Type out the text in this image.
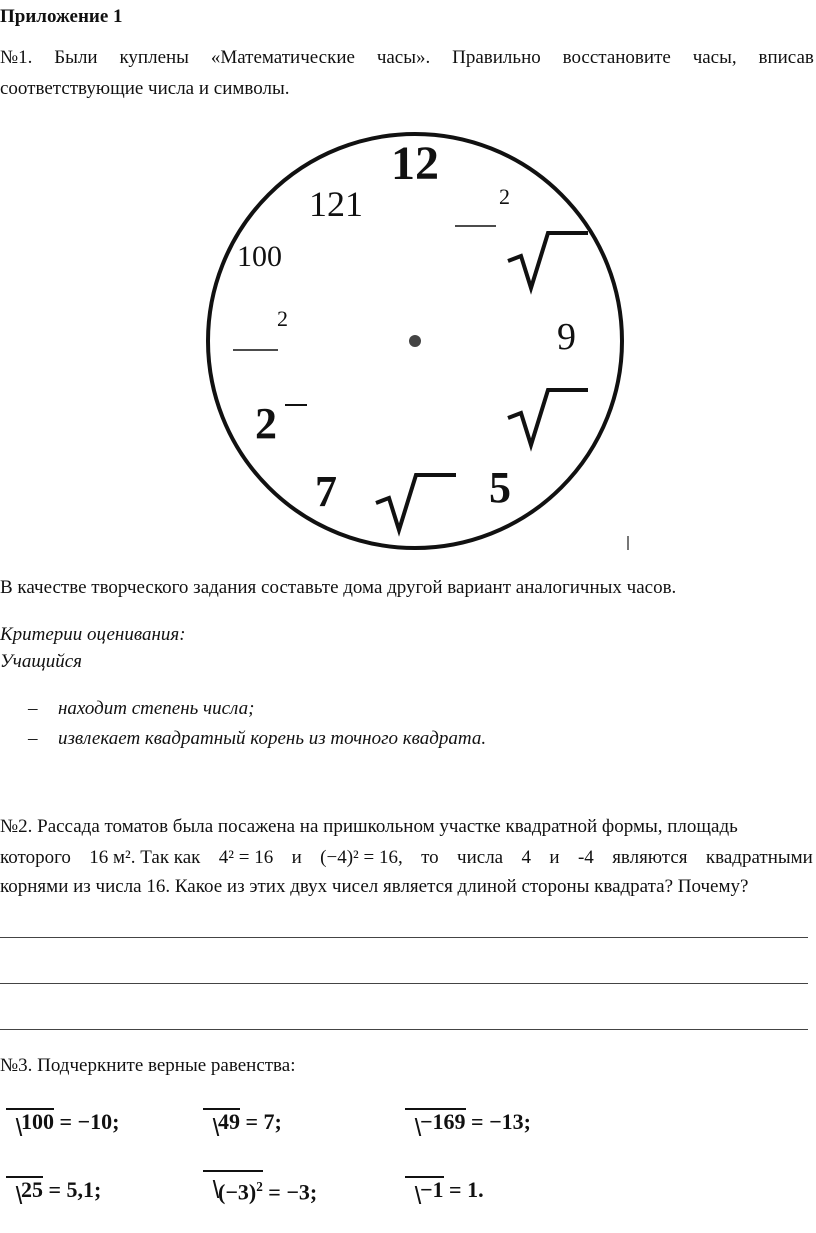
Приложение 1
№1. Были куплены «Математические часы». Правильно восстановите часы, вписав
соответствующие числа и символы.
12
121	2
100
2	9
2
7	5
В качестве творческого задания составьте дома другой вариант аналогичных часов.
Критерии оценивания:
Учащийся
– находит степень числа;
– извлекает квадратный корень из точного квадрата.
№2. Рассада томатов была посажена на пришкольном участке квадратной формы, площадь
которого 16 м². Так как 4² = 16 и (−4)² = 16, то числа 4 и -4 являются квадратными
корнями из числа 16. Какое из этих двух чисел является длиной стороны квадрата? Почему?
№3. Подчеркните верные равенства:
100 = −10;	49 = 7;	−169 = −13;
25 = 5,1;	$(-3)^2 = -3$;	−1 = 1.
